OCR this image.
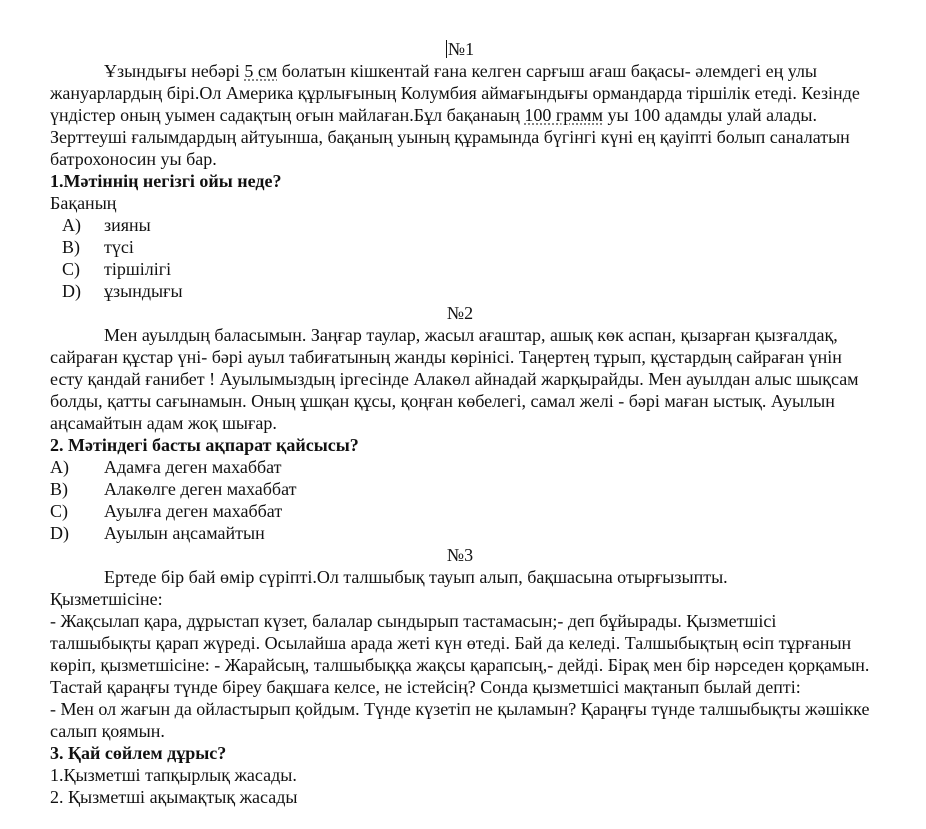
№1

Ұзындығы небәрі 5 см болатын кішкентай ғана келген сарғыш ағаш бақасы- әлемдегі ең улы жануарлардың бірі.Ол Америка құрлығының Колумбия аймағындығы ормандарда тіршілік етеді. Кезінде үндістер оның уымен садақтың оғын майлаған.Бұл бақанаың 100 грамм уы 100 адамды улай алады. Зерттеуші ғалымдардың айтуынша, бақаның уының құрамында бүгінгі күні ең қауіпті болып саналатын батрохоносин уы бар.

1.Мәтіннің негізгі ойы неде?

Бақаның

A)	зияны
B)	түсі
C)	тіршілігі
D)	ұзындығы
№2

Мен ауылдың баласымын. Заңғар таулар, жасыл ағаштар, ашық көк аспан, қызарған қызғалдақ, сайраған құстар үні- бәрі ауыл табиғатының жанды көрінісі. Таңертең тұрып, құстардың сайраған үнін есту қандай ғанибет ! Ауылымыздың іргесінде Алакөл айнадай жарқырайды. Мен ауылдан алыс шықсам болды, қатты сағынамын. Оның ұшқан құсы, қоңған көбелегі, самал желі - бәрі маған ыстық. Ауылын аңсамайтын адам жоқ шығар.

2. Мәтіндегі басты ақпарат қайсысы?

A)	Адамға деген махаббат
B)	Алакөлге деген махаббат
C)	Ауылға деген махаббат
D)	Ауылын аңсамайтын
№3

Ертеде бір бай өмір сүріпті.Ол талшыбық тауып алып, бақшасына отырғызыпты.

Қызметшісіне:

- Жақсылап қара, дұрыстап күзет, балалар сындырып тастамасын;- деп бұйырады. Қызметшісі талшыбықты қарап жүреді. Осылайша арада жеті күн өтеді. Бай да келеді. Талшыбықтың өсіп тұрғанын көріп, қызметшісіне: - Жарайсың, талшыбыққа жақсы қарапсың,- дейді. Бірақ мен бір нәрседен қорқамын. Тастай қараңғы түнде біреу бақшаға келсе, не істейсің? Сонда қызметшісі мақтанып былай депті:

- Мен ол жағын да ойластырып қойдым. Түнде күзетіп не қыламын? Қараңғы түнде талшыбықты жәшікке салып қоямын.

3. Қай сөйлем дұрыс?

1.Қызметші тапқырлық жасады.

2. Қызметші ақымақтық жасады
